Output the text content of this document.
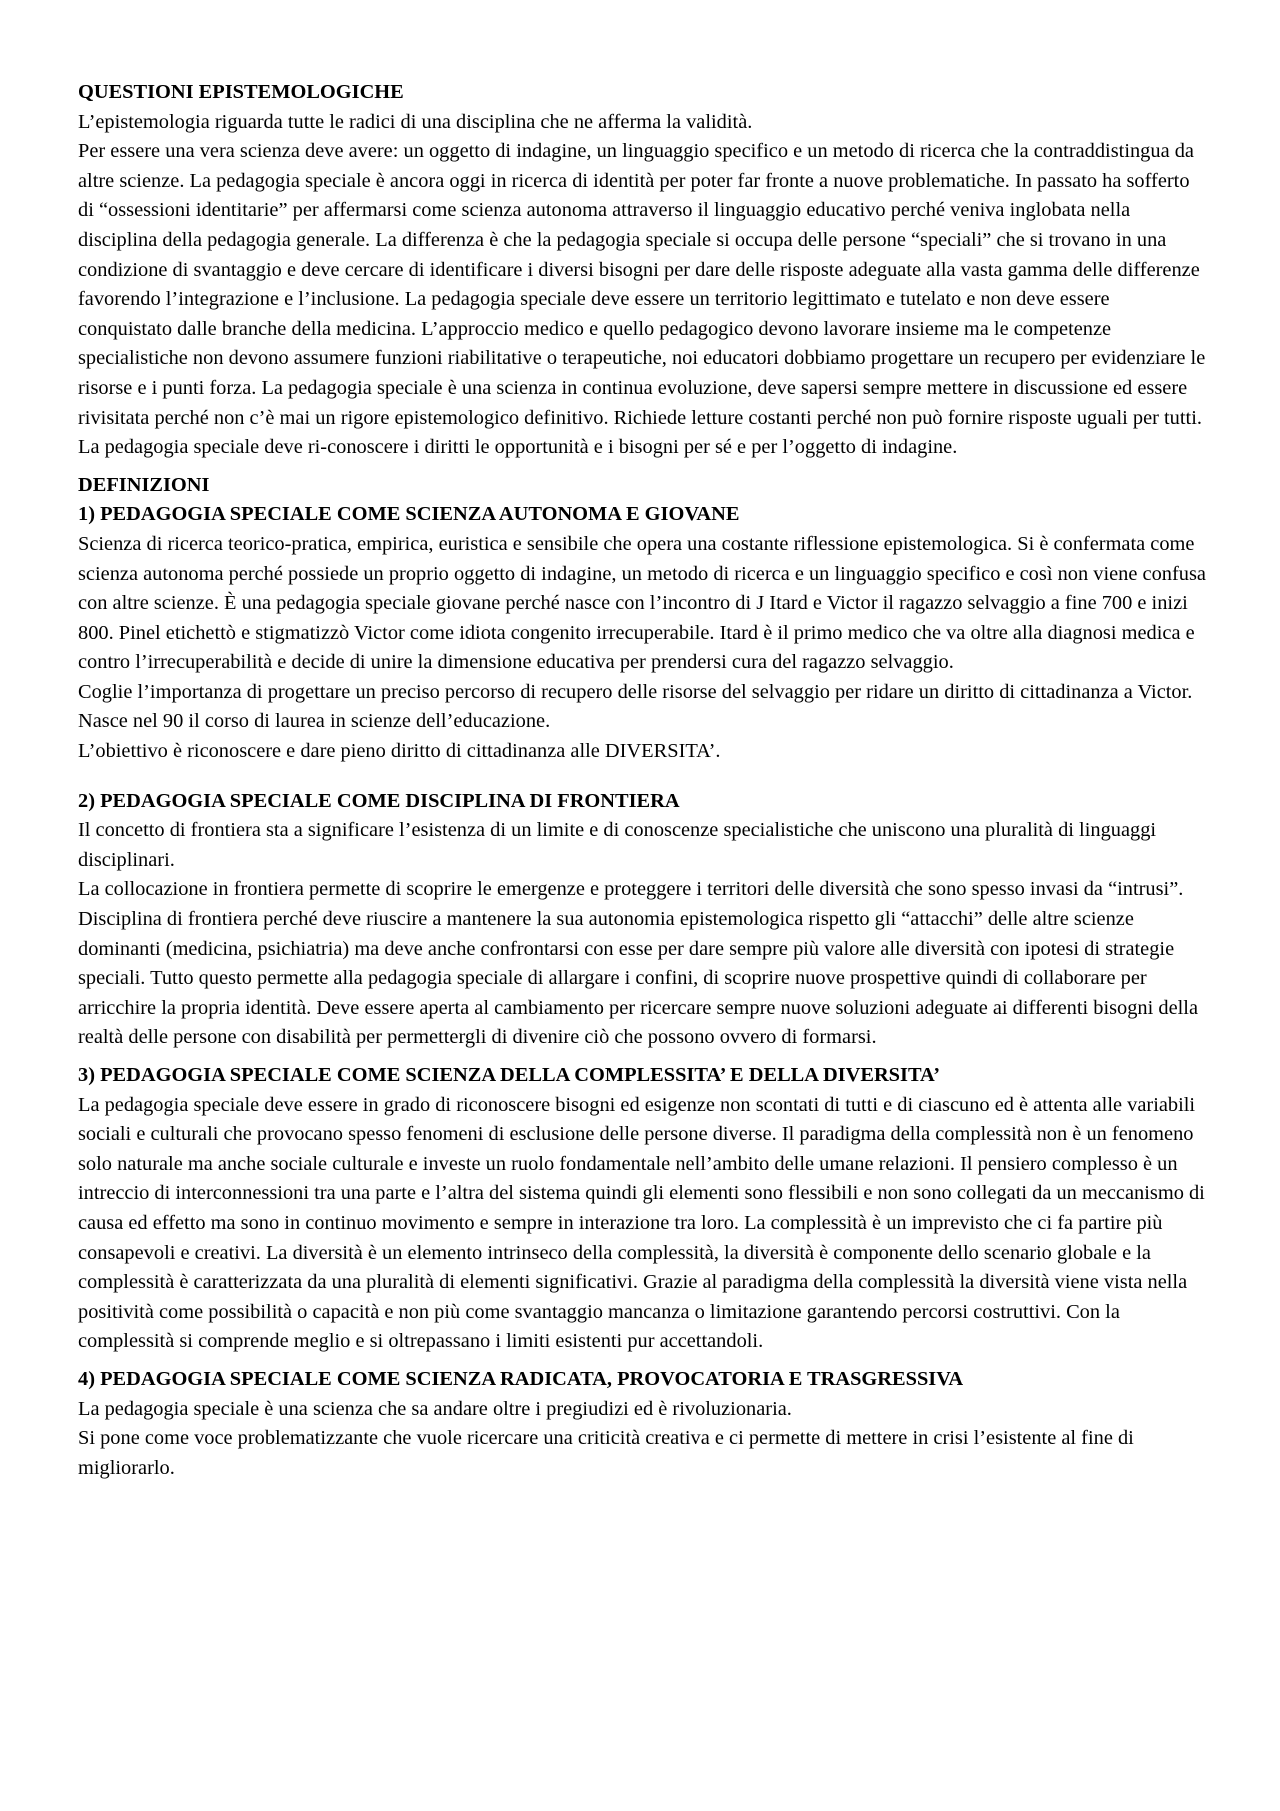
QUESTIONI EPISTEMOLOGICHE

L’epistemologia riguarda tutte le radici di una disciplina che ne afferma la validità.

Per essere una vera scienza deve avere: un oggetto di indagine, un linguaggio specifico e un metodo di ricerca che la contraddistingua da altre scienze. La pedagogia speciale è ancora oggi in ricerca di identità per poter far fronte a nuove problematiche. In passato ha sofferto di “ossessioni identitarie” per affermarsi come scienza autonoma attraverso il linguaggio educativo perché veniva inglobata nella disciplina della pedagogia generale. La differenza è che la pedagogia speciale si occupa delle persone “speciali” che si trovano in una condizione di svantaggio e deve cercare di identificare i diversi bisogni per dare delle risposte adeguate alla vasta gamma delle differenze favorendo l’integrazione e l’inclusione. La pedagogia speciale deve essere un territorio legittimato e tutelato e non deve essere conquistato dalle branche della medicina. L’approccio medico e quello pedagogico devono lavorare insieme ma le competenze specialistiche non devono assumere funzioni riabilitative o terapeutiche, noi educatori dobbiamo progettare un recupero per evidenziare le risorse e i punti forza. La pedagogia speciale è una scienza in continua evoluzione, deve sapersi sempre mettere in discussione ed essere rivisitata perché non c’è mai un rigore epistemologico definitivo. Richiede letture costanti perché non può fornire risposte uguali per tutti. La pedagogia speciale deve ri-conoscere i diritti le opportunità e i bisogni per sé e per l’oggetto di indagine.

DEFINIZIONI

1) PEDAGOGIA SPECIALE COME SCIENZA AUTONOMA E GIOVANE

Scienza di ricerca teorico-pratica, empirica, euristica e sensibile che opera una costante riflessione epistemologica. Si è confermata come scienza autonoma perché possiede un proprio oggetto di indagine, un metodo di ricerca e un linguaggio specifico e così non viene confusa con altre scienze. È una pedagogia speciale giovane perché nasce con l’incontro di J Itard e Victor il ragazzo selvaggio a fine 700 e inizi 800. Pinel etichettò e stigmatizzò Victor come idiota congenito irrecuperabile. Itard è il primo medico che va oltre alla diagnosi medica e contro l’irrecuperabilità e decide di unire la dimensione educativa per prendersi cura del ragazzo selvaggio.

Coglie l’importanza di progettare un preciso percorso di recupero delle risorse del selvaggio per ridare un diritto di cittadinanza a Victor.

Nasce nel 90 il corso di laurea in scienze dell’educazione.

L’obiettivo è riconoscere e dare pieno diritto di cittadinanza alle DIVERSITA’.

2) PEDAGOGIA SPECIALE COME DISCIPLINA DI FRONTIERA

Il concetto di frontiera sta a significare l’esistenza di un limite e di conoscenze specialistiche che uniscono una pluralità di linguaggi disciplinari.

La collocazione in frontiera permette di scoprire le emergenze e proteggere i territori delle diversità che sono spesso invasi da “intrusi”. Disciplina di frontiera perché deve riuscire a mantenere la sua autonomia epistemologica rispetto gli “attacchi” delle altre scienze dominanti (medicina, psichiatria) ma deve anche confrontarsi con esse per dare sempre più valore alle diversità con ipotesi di strategie speciali. Tutto questo permette alla pedagogia speciale di allargare i confini, di scoprire nuove prospettive quindi di collaborare per arricchire la propria identità. Deve essere aperta al cambiamento per ricercare sempre nuove soluzioni adeguate ai differenti bisogni della realtà delle persone con disabilità per permettergli di divenire ciò che possono ovvero di formarsi.

3) PEDAGOGIA SPECIALE COME SCIENZA DELLA COMPLESSITA’ E DELLA DIVERSITA’

La pedagogia speciale deve essere in grado di riconoscere bisogni ed esigenze non scontati di tutti e di ciascuno ed è attenta alle variabili sociali e culturali che provocano spesso fenomeni di esclusione delle persone diverse. Il paradigma della complessità non è un fenomeno solo naturale ma anche sociale culturale e investe un ruolo fondamentale nell’ambito delle umane relazioni. Il pensiero complesso è un intreccio di interconnessioni tra una parte e l’altra del sistema quindi gli elementi sono flessibili e non sono collegati da un meccanismo di causa ed effetto ma sono in continuo movimento e sempre in interazione tra loro. La complessità è un imprevisto che ci fa partire più consapevoli e creativi. La diversità è un elemento intrinseco della complessità, la diversità è componente dello scenario globale e la complessità è caratterizzata da una pluralità di elementi significativi. Grazie al paradigma della complessità la diversità viene vista nella positività come possibilità o capacità e non più come svantaggio mancanza o limitazione garantendo percorsi costruttivi. Con la complessità si comprende meglio e si oltrepassano i limiti esistenti pur accettandoli.

4) PEDAGOGIA SPECIALE COME SCIENZA RADICATA, PROVOCATORIA E TRASGRESSIVA

La pedagogia speciale è una scienza che sa andare oltre i pregiudizi ed è rivoluzionaria.

Si pone come voce problematizzante che vuole ricercare una criticità creativa e ci permette di mettere in crisi l’esistente al fine di migliorarlo.
